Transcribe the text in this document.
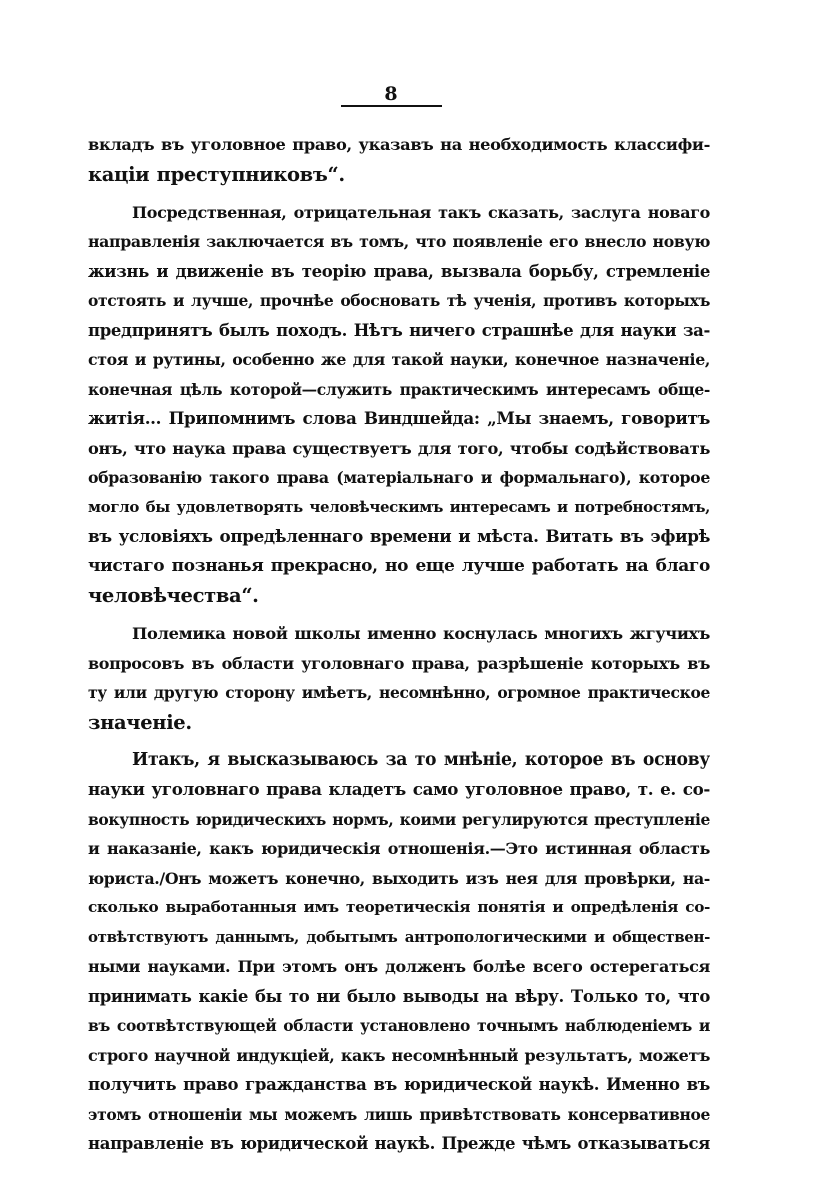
8
вкладъ въ уголовное право, указавъ на необходимость классифи-
каціи преступниковъ“.
Посредственная, отрицательная такъ сказать, заслуга новаго
направленія заключается въ томъ, что появленіе его внесло новую
жизнь и движеніе въ теорію права, вызвала борьбу, стремленіе
отстоять и лучше, прочнѣе обосновать тѣ ученія, противъ которыхъ
предпринятъ былъ походъ. Нѣтъ ничего страшнѣе для науки за-
стоя и рутины, особенно же для такой науки, конечное назначеніе,
конечная цѣль которой—служить практическимъ интересамъ обще-
житія... Припомнимъ слова Виндшейда: „Мы знаемъ, говоритъ
онъ, что наука права существуетъ для того, чтобы содѣйствовать
образованію такого права (матеріальнаго и формальнаго), которое
могло бы удовлетворять человѣческимъ интересамъ и потребностямъ,
въ условіяхъ опредѣленнаго времени и мѣста. Витать въ эфирѣ
чистаго познанья прекрасно, но еще лучше работать на благо
человѣчества“.
Полемика новой школы именно коснулась многихъ жгучихъ
вопросовъ въ области уголовнаго права, разрѣшеніе которыхъ въ
ту или другую сторону имѣетъ, несомнѣнно, огромное практическое
значеніе.
Итакъ, я высказываюсь за то мнѣніе, которое въ основу
науки уголовнаго права кладетъ само уголовное право, т. е. со-
вокупность юридическихъ нормъ, коими регулируются преступленіе
и наказаніе, какъ юридическія отношенія.—Это истинная область
юриста./Онъ можетъ конечно, выходить изъ нея для провѣрки, на-
сколько выработанныя имъ теоретическія понятія и опредѣленія со-
отвѣтствуютъ даннымъ, добытымъ антропологическими и обществен-
ными науками. При этомъ онъ долженъ болѣе всего остерегаться
принимать какіе бы то ни было выводы на вѣру. Только то, что
въ соотвѣтствующей области установлено точнымъ наблюденіемъ и
строго научной индукціей, какъ несомнѣнный результатъ, можетъ
получить право гражданства въ юридической наукѣ. Именно въ
этомъ отношеніи мы можемъ лишь привѣтствовать консервативное
направленіе въ юридической наукѣ. Прежде чѣмъ отказываться
